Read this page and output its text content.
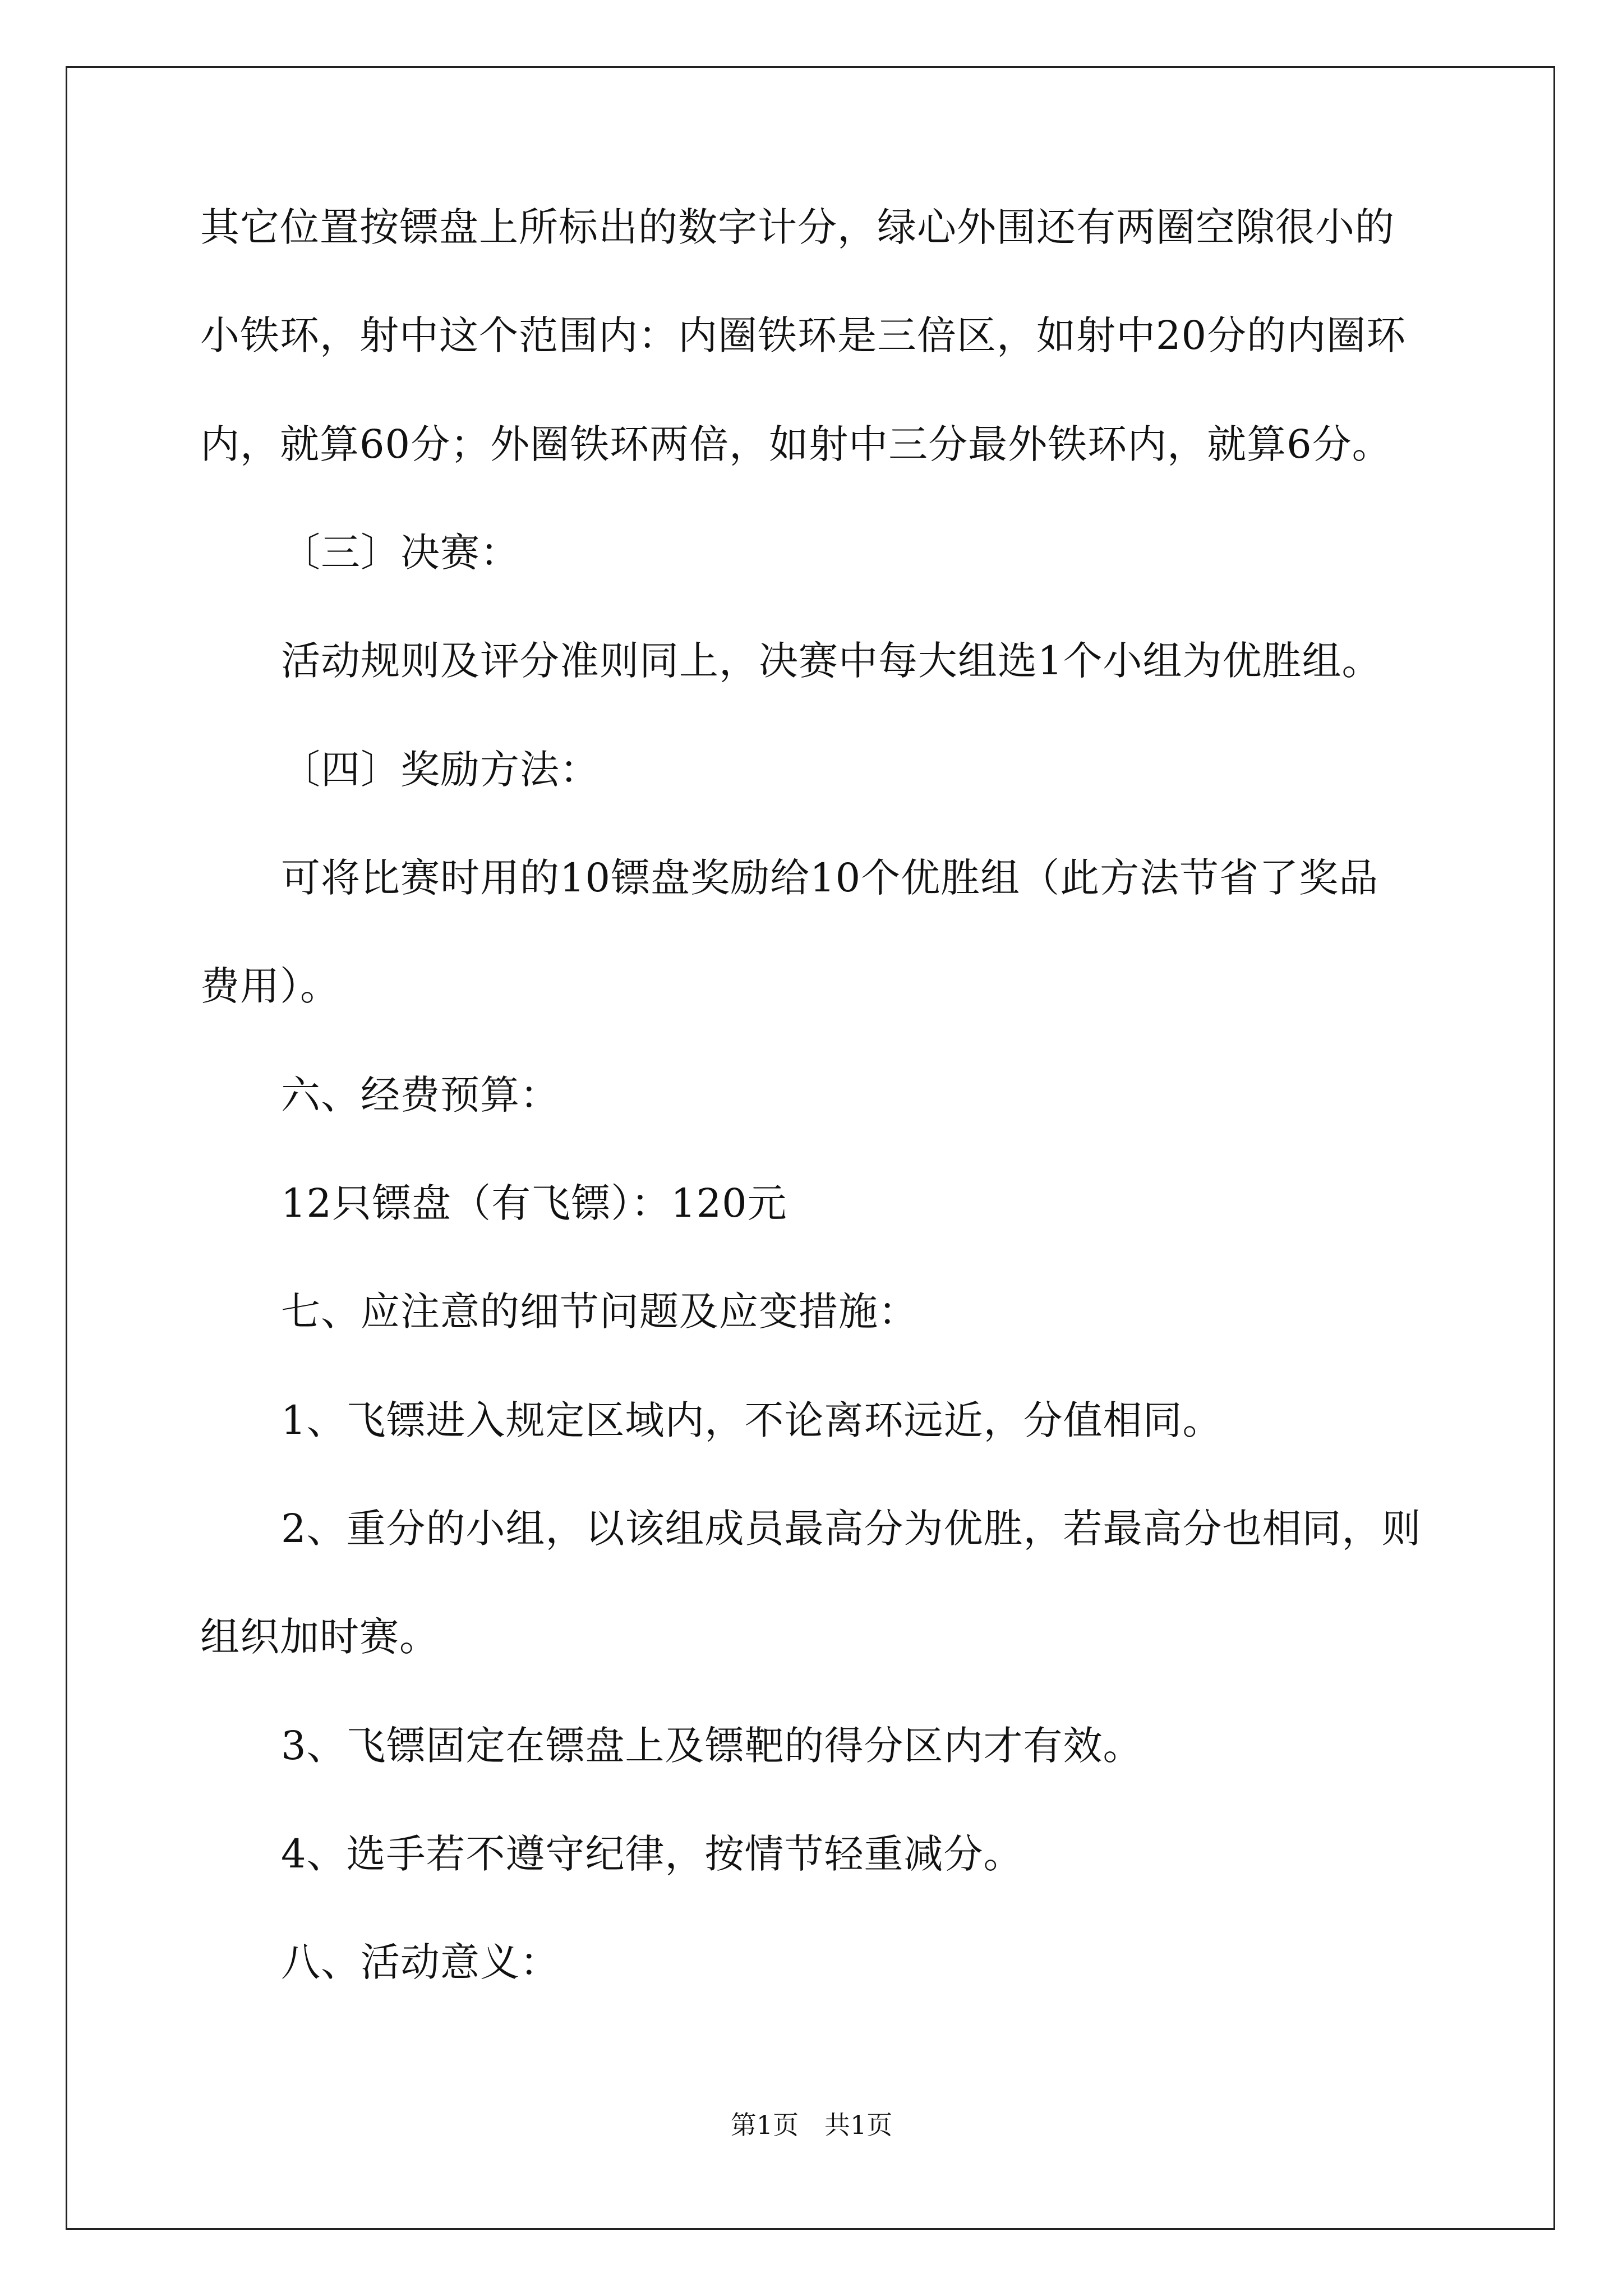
其它位置按镖盘上所标出的数字计分，绿心外围还有两圈空隙很小的
小铁环，射中这个范围内：内圈铁环是三倍区，如射中20分的内圈环
内，就算60分；外圈铁环两倍，如射中三分最外铁环内，就算6分。
〔三〕决赛：
活动规则及评分准则同上，决赛中每大组选1个小组为优胜组。
〔四〕奖励方法：
可将比赛时用的10镖盘奖励给10个优胜组（此方法节省了奖品
费用）。
六、经费预算：
12只镖盘（有飞镖）：120元
七、应注意的细节问题及应变措施：
1、飞镖进入规定区域内，不论离环远近，分值相同。
2、重分的小组，以该组成员最高分为优胜，若最高分也相同，则
组织加时赛。
3、飞镖固定在镖盘上及镖靶的得分区内才有效。
4、选手若不遵守纪律，按情节轻重减分。
八、活动意义：
第1页　共1页
